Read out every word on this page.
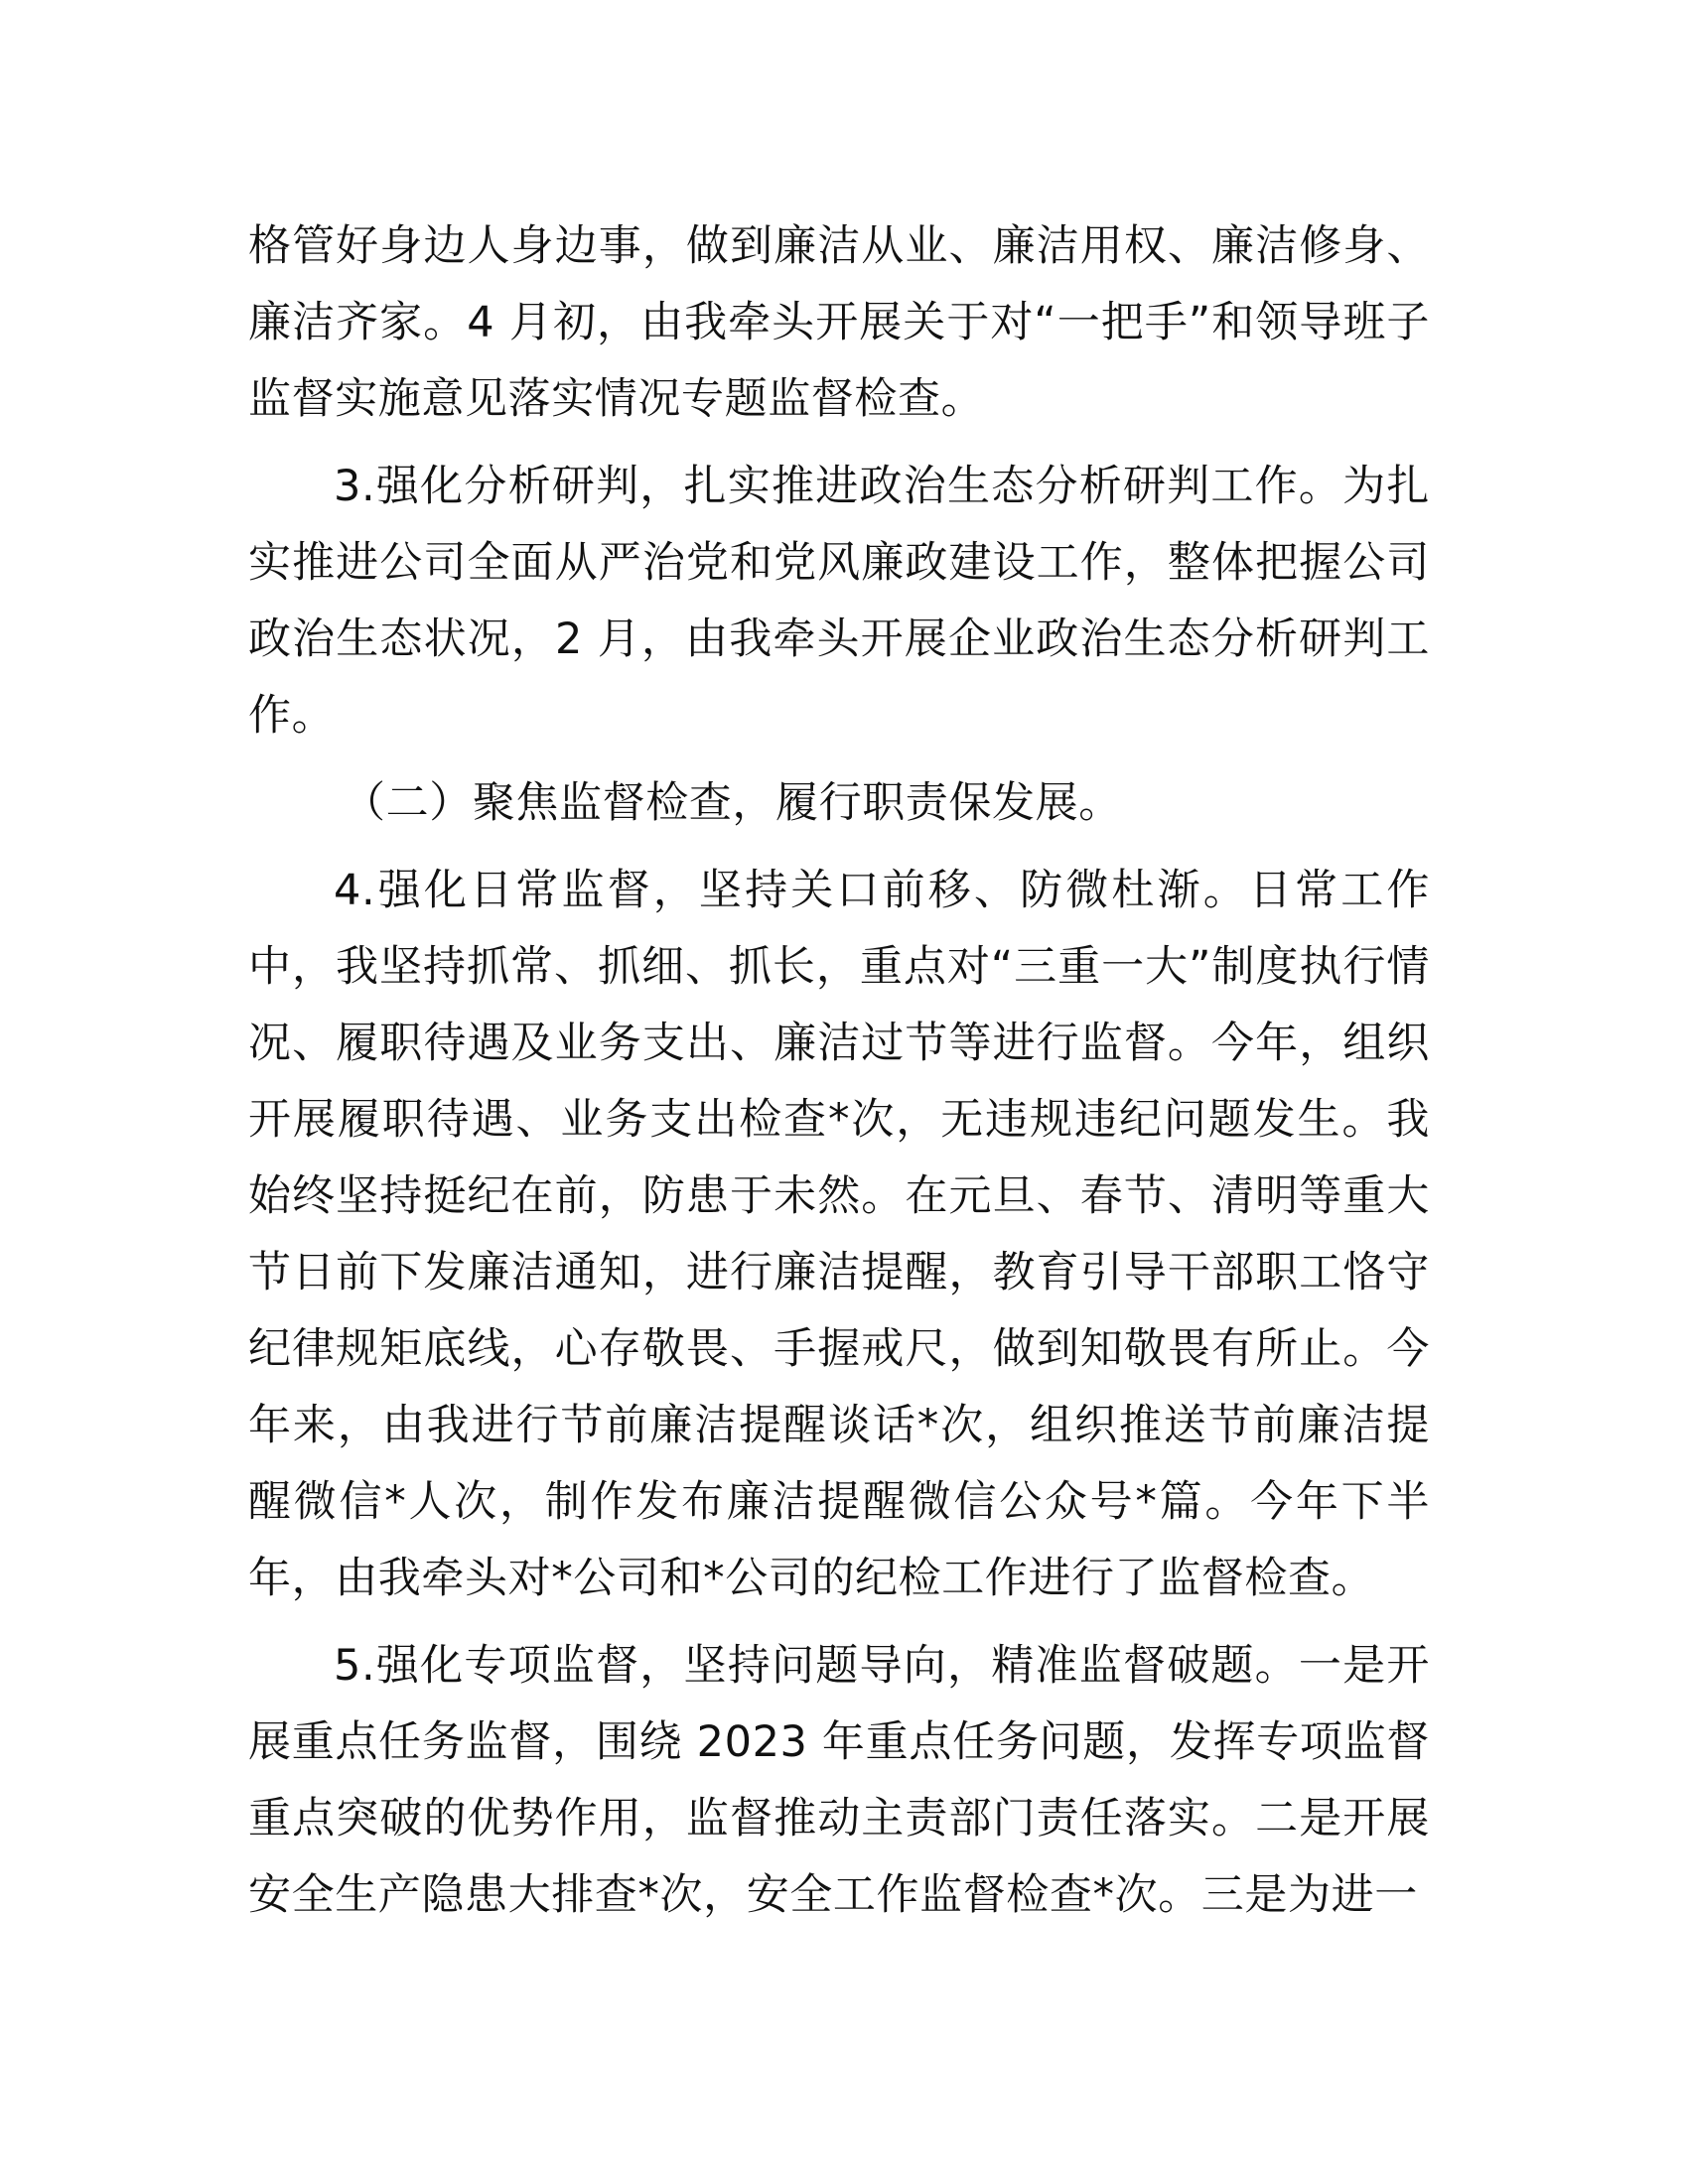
格管好身边人身边事，做到廉洁从业、廉洁用权、廉洁修身、廉洁齐家。4 月初，由我牵头开展关于对“一把手”和领导班子监督实施意见落实情况专题监督检查。

3.强化分析研判，扎实推进政治生态分析研判工作。为扎实推进公司全面从严治党和党风廉政建设工作，整体把握公司政治生态状况，2 月，由我牵头开展企业政治生态分析研判工作。

（二）聚焦监督检查，履行职责保发展。

4.强化日常监督，坚持关口前移、防微杜渐。日常工作中，我坚持抓常、抓细、抓长，重点对“三重一大”制度执行情况、履职待遇及业务支出、廉洁过节等进行监督。今年，组织开展履职待遇、业务支出检查*次，无违规违纪问题发生。我始终坚持挺纪在前，防患于未然。在元旦、春节、清明等重大节日前下发廉洁通知，进行廉洁提醒，教育引导干部职工恪守纪律规矩底线，心存敬畏、手握戒尺，做到知敬畏有所止。今年来，由我进行节前廉洁提醒谈话*次，组织推送节前廉洁提醒微信*人次，制作发布廉洁提醒微信公众号*篇。今年下半年，由我牵头对*公司和*公司的纪检工作进行了监督检查。

5.强化专项监督，坚持问题导向，精准监督破题。一是开展重点任务监督，围绕 2023 年重点任务问题，发挥专项监督重点突破的优势作用，监督推动主责部门责任落实。二是开展安全生产隐患大排查*次，安全工作监督检查*次。三是为进一
